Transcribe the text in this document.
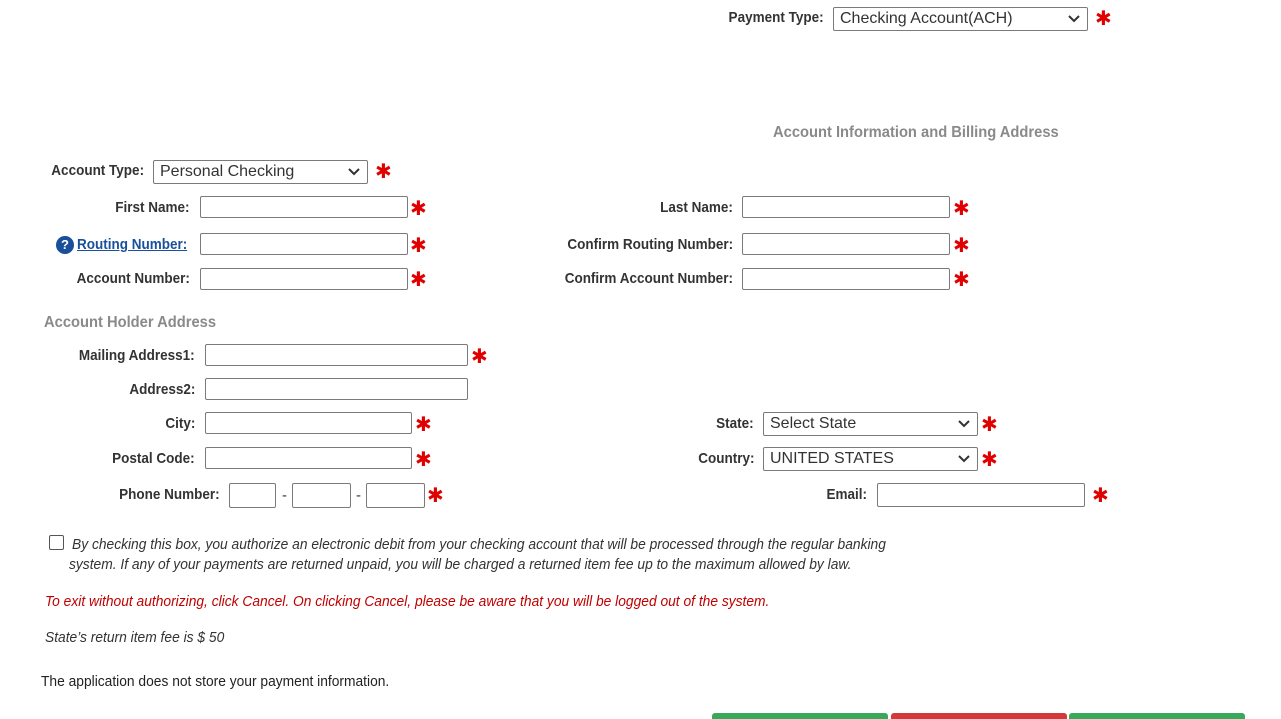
Payment Type:	Checking Account(ACH)	✱
Account Information and Billing Address
Account Type:	Personal Checking	✱
First Name:	✱	Last Name:	✱
? Routing Number:	✱	Confirm Routing Number:	✱
Account Number:	✱	Confirm Account Number:	✱
Account Holder Address
Mailing Address1:	✱
Address2:
City:	✱	State:	Select State	✱
Postal Code:	✱	Country:	UNITED STATES	✱
Phone Number:	-	-	✱	Email:	✱
By checking this box, you authorize an electronic debit from your checking account that will be processed through the regular banking
system. If any of your payments are returned unpaid, you will be charged a returned item fee up to the maximum allowed by law.
To exit without authorizing, click Cancel. On clicking Cancel, please be aware that you will be logged out of the system.
State’s return item fee is $ 50
The application does not store your payment information.
